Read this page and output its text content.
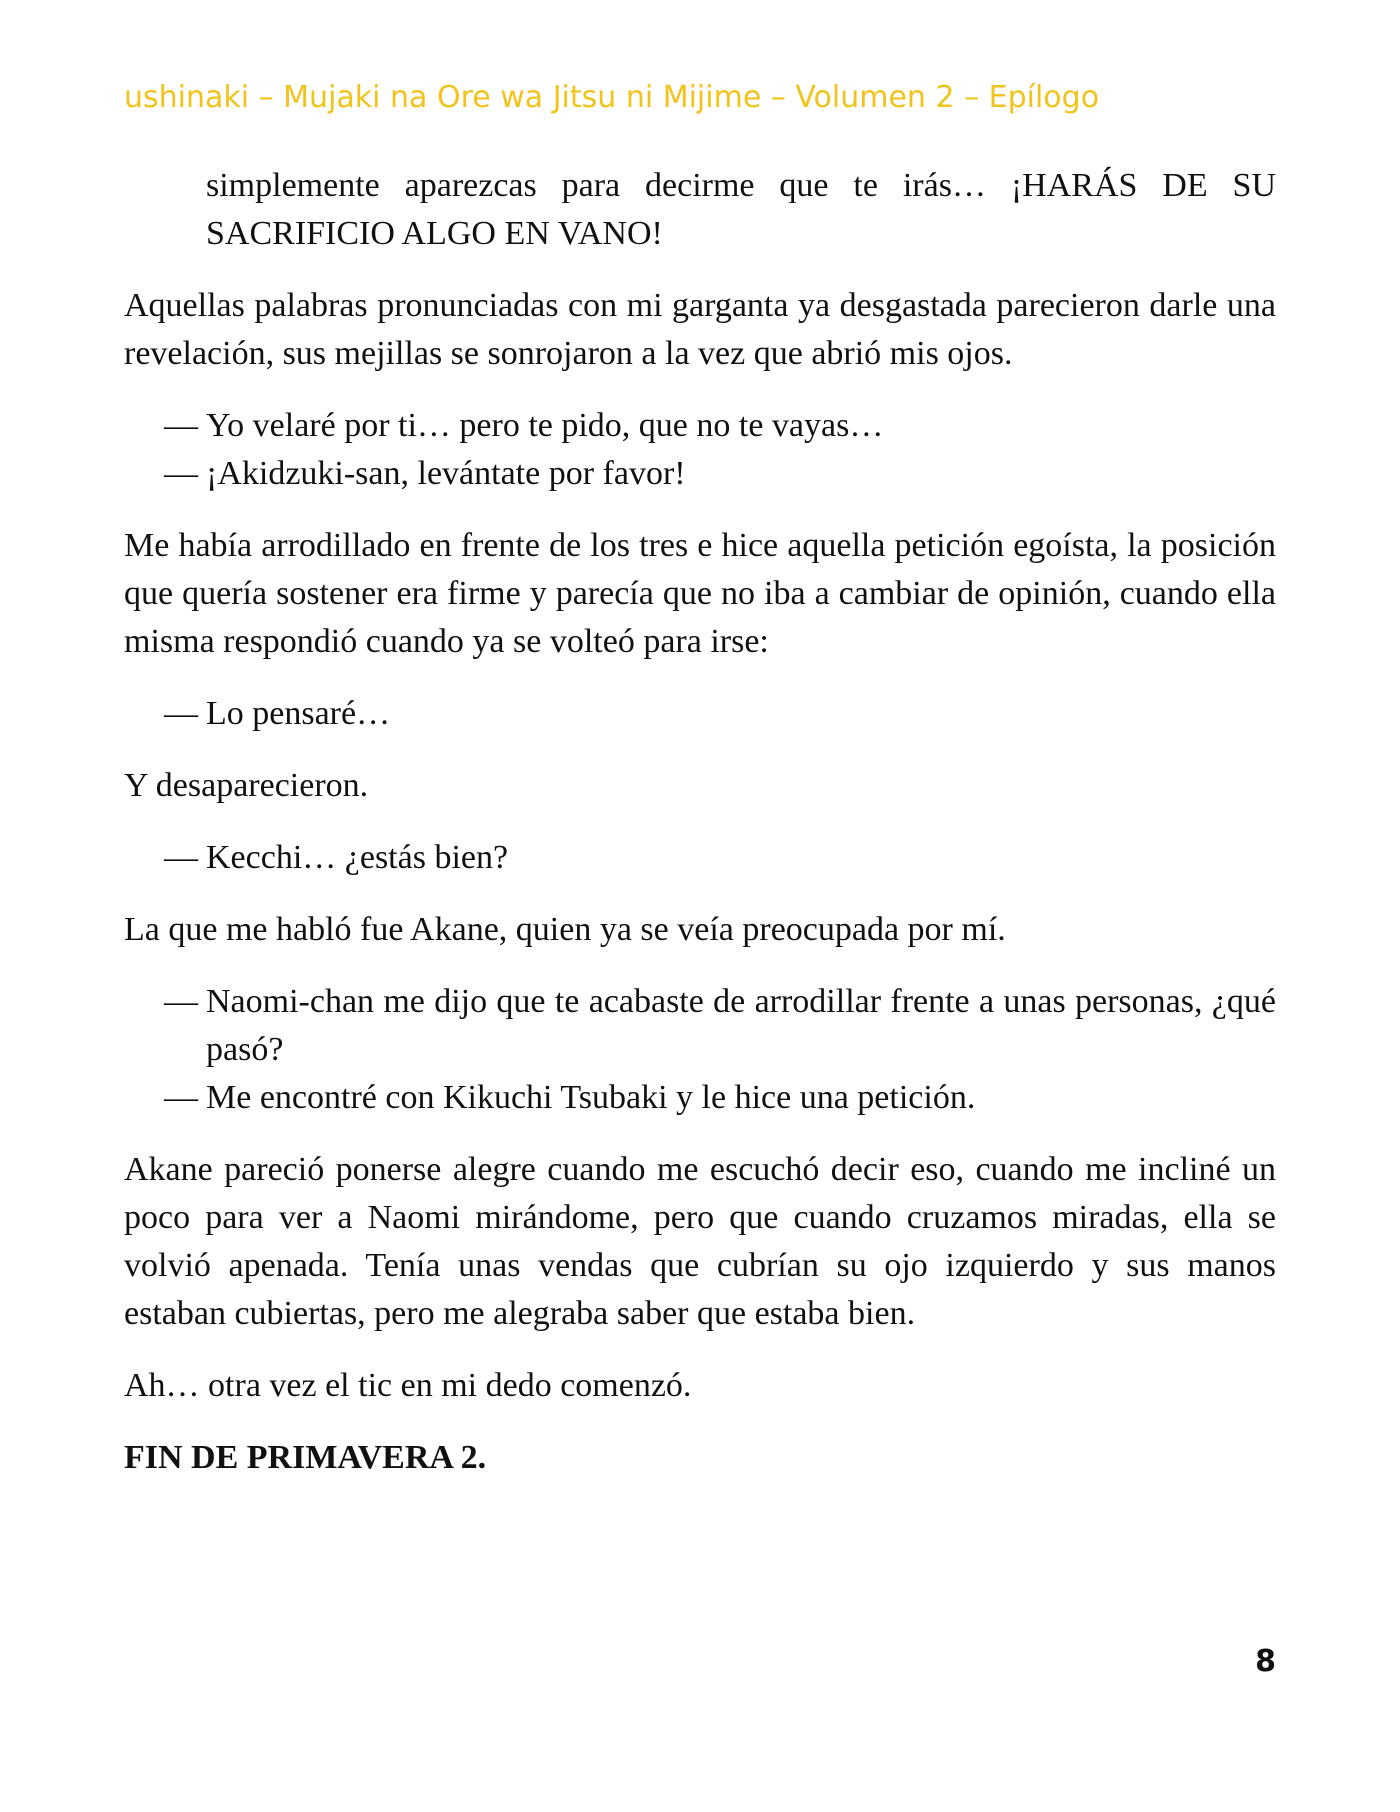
ushinaki – Mujaki na Ore wa Jitsu ni Mijime – Volumen 2 – Epílogo

simplemente aparezcas para decirme que te irás… ¡HARÁS DE SU SACRIFICIO ALGO EN VANO!

Aquellas palabras pronunciadas con mi garganta ya desgastada parecieron darle una revelación, sus mejillas se sonrojaron a la vez que abrió mis ojos.

— Yo velaré por ti… pero te pido, que no te vayas…
— ¡Akidzuki-san, levántate por favor!

Me había arrodillado en frente de los tres e hice aquella petición egoísta, la posición que quería sostener era firme y parecía que no iba a cambiar de opinión, cuando ella misma respondió cuando ya se volteó para irse:

— Lo pensaré…

Y desaparecieron.

— Kecchi… ¿estás bien?

La que me habló fue Akane, quien ya se veía preocupada por mí.

— Naomi-chan me dijo que te acabaste de arrodillar frente a unas personas, ¿qué pasó?
— Me encontré con Kikuchi Tsubaki y le hice una petición.

Akane pareció ponerse alegre cuando me escuchó decir eso, cuando me incliné un poco para ver a Naomi mirándome, pero que cuando cruzamos miradas, ella se volvió apenada. Tenía unas vendas que cubrían su ojo izquierdo y sus manos estaban cubiertas, pero me alegraba saber que estaba bien.

Ah… otra vez el tic en mi dedo comenzó.

FIN DE PRIMAVERA 2.

8
